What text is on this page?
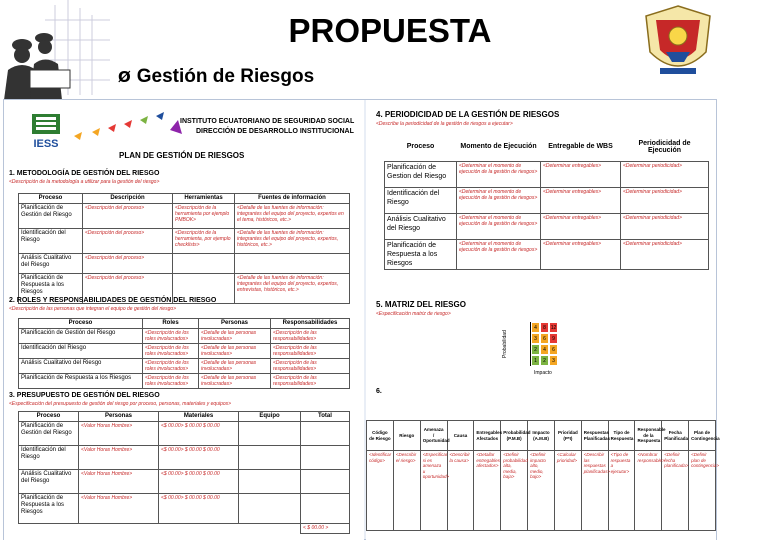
PROPUESTA
Ø Gestión de Riesgos
IESS
INSTITUTO ECUATORIANO DE SEGURIDAD SOCIAL
DIRECCIÓN DE DESARROLLO INSTITUCIONAL
PLAN DE GESTIÓN DE RIESGOS
1. METODOLOGÍA DE GESTIÓN DEL RIESGO
<Descripción de la metodología a utilizar para la gestión del riesgo>
Proceso	Descripción	Herramientas	Fuentes de información
Planificación de Gestión del Riesgo	<Descripción del proceso>	<Descripción de la herramienta por ejemplo PMBOK>	<Detalle de las fuentes de información: integrantes del equipo del proyecto, expertos en el tema, históricos, etc.>
Identificación del Riesgo	<Descripción del proceso>	<Descripción de la herramienta, por ejemplo checklists>	<Detalle de las fuentes de información: integrantes del equipo del proyecto, expertos, históricos, etc.>
Análisis Cualitativo del Riesgo	<Descripción del proceso>		
Planificación de Respuesta a los Riesgos	<Descripción del proceso>		<Detalle de las fuentes de información: integrantes del equipo del proyecto, expertos, entrevistas, históricos, etc.>
2. ROLES Y RESPONSABILIDADES DE GESTIÓN DEL RIESGO
<Descripción de las personas que integran el equipo de gestión del riesgo>
Proceso	Roles	Personas	Responsabilidades
Planificación de Gestión del Riesgo	<Descripción de los roles involucrados>	<Detalle de las personas involucradas>	<Descripción de las responsabilidades>
Identificación del Riesgo	<Descripción de los roles involucrados>	<Detalle de las personas involucradas>	<Descripción de las responsabilidades>
Análisis Cualitativo del Riesgo	<Descripción de los roles involucrados>	<Detalle de las personas involucradas>	<Descripción de las responsabilidades>
Planificación de Respuesta a los Riesgos	<Descripción de los roles involucrados>	<Detalle de las personas involucradas>	<Descripción de las responsabilidades>
3. PRESUPUESTO DE GESTIÓN DEL RIESGO
<Especificación del presupuesto de gestión del riesgo por proceso, personas, materiales y equipos>
Proceso	Personas	Materiales	Equipo	Total
Planificación de Gestión del Riesgo	<Valor Horas Hombre>	<$ 00.00> $ 00.00 $ 00.00		
Identificación del Riesgo	<Valor Horas Hombre>	<$ 00.00> $ 00.00 $ 00.00		
Análisis Cualitativo del Riesgo	<Valor Horas Hombre>	<$ 00.00> $ 00.00 $ 00.00		
Planificación de Respuesta a los Riesgos	<Valor Horas Hombre>	<$ 00.00> $ 00.00 $ 00.00		
				< $ 00.00 >
4. PERIODICIDAD DE LA GESTIÓN DE RIESGOS
<Describe la periodicidad de la gestión de riesgos a ejecutar>
Proceso	Momento de Ejecución	Entregable de WBS	Periodicidad de Ejecución
Planificación de Gestion del Riesgo	<Determinar el momento de ejecución de la gestión de riesgos>	<Determinar entregables>	<Determinar periodicidad>
Identificación del Riesgo	<Determinar el momento de ejecución de la gestión de riesgos>	<Determinar entregables>	<Determinar periodicidad>
Análisis Cualitativo del Riesgo	<Determinar el momento de ejecución de la gestión de riesgos>	<Determinar entregables>	<Determinar periodicidad>
Planificación de Respuesta a los Riesgos	<Determinar el momento de ejecución de la gestión de riesgos>	<Determinar entregables>	<Determinar periodicidad>
5. MATRIZ DEL RIESGO
<Especificación matriz de riesgo>
Probabilidad
4	8 12
3	6	9
2	4	6
1	2	3
Impacto
6.
Código de Riesgo	Riesgo	Amenaza / Oportunidad	Causa	Entregables Afectados	Probabilidad (P.M.B)	Impacto (A.M.B)	Prioridad (P*I)	Respuestas Planificadas	Tipo de Respuesta	Responsable de la Respuesta	Fecha Planificada	Plan de Contingencia
<Identificar código>	<Describir el riesgo>	<Especificar si es amenaza u oportunidad>	<Describir la causa>	<Detallar entregables afectados>	<Definir probabilidad alta, media, baja>	<Definir impacto alto, medio, bajo>	<Calcular prioridad>	<Describir las respuestas planificadas>	<Tipo de respuesta a ejecutar>	<Nombrar responsable>	<Definir fecha planificada>	<Definir plan de contingencia>
